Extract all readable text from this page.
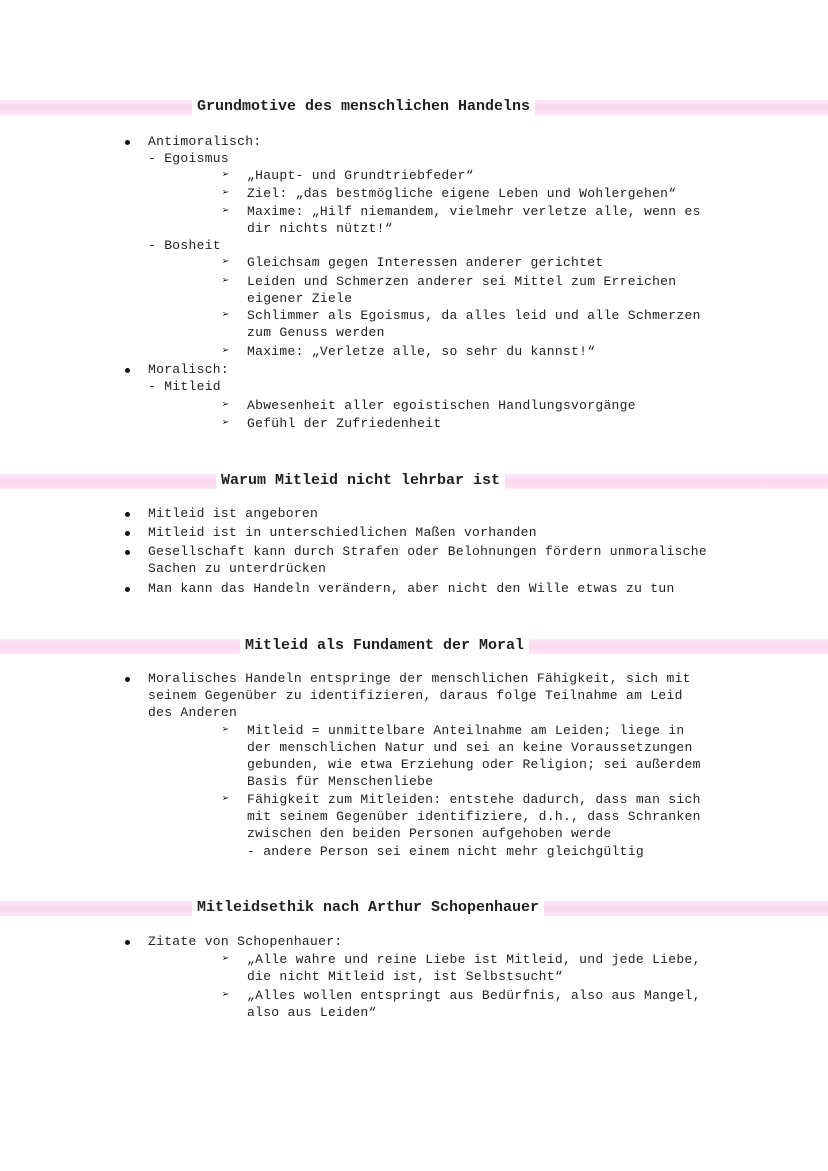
Grundmotive des menschlichen Handelns
Antimoralisch:
- Egoismus
➢ „Haupt- und Grundtriebfeder“
➢ Ziel: „das bestmögliche eigene Leben und Wohlergehen“
➢ Maxime: „Hilf niemandem, vielmehr verletze alle, wenn es
dir nichts nützt!“
- Bosheit
➢ Gleichsam gegen Interessen anderer gerichtet
➢ Leiden und Schmerzen anderer sei Mittel zum Erreichen
eigener Ziele
➢ Schlimmer als Egoismus, da alles leid und alle Schmerzen
zum Genuss werden
➢ Maxime: „Verletze alle, so sehr du kannst!“
Moralisch:
- Mitleid
➢ Abwesenheit aller egoistischen Handlungsvorgänge
➢ Gefühl der Zufriedenheit
Warum Mitleid nicht lehrbar ist
Mitleid ist angeboren
Mitleid ist in unterschiedlichen Maßen vorhanden
Gesellschaft kann durch Strafen oder Belohnungen fördern unmoralische
Sachen zu unterdrücken
Man kann das Handeln verändern, aber nicht den Wille etwas zu tun
Mitleid als Fundament der Moral
Moralisches Handeln entspringe der menschlichen Fähigkeit, sich mit
seinem Gegenüber zu identifizieren, daraus folge Teilnahme am Leid
des Anderen
➢ Mitleid = unmittelbare Anteilnahme am Leiden; liege in
der menschlichen Natur und sei an keine Voraussetzungen
gebunden, wie etwa Erziehung oder Religion; sei außerdem
Basis für Menschenliebe
➢ Fähigkeit zum Mitleiden: entstehe dadurch, dass man sich
mit seinem Gegenüber identifiziere, d.h., dass Schranken
zwischen den beiden Personen aufgehoben werde
- andere Person sei einem nicht mehr gleichgültig
Mitleidsethik nach Arthur Schopenhauer
Zitate von Schopenhauer:
➢ „Alle wahre und reine Liebe ist Mitleid, und jede Liebe,
die nicht Mitleid ist, ist Selbstsucht“
➢ „Alles wollen entspringt aus Bedürfnis, also aus Mangel,
also aus Leiden“
